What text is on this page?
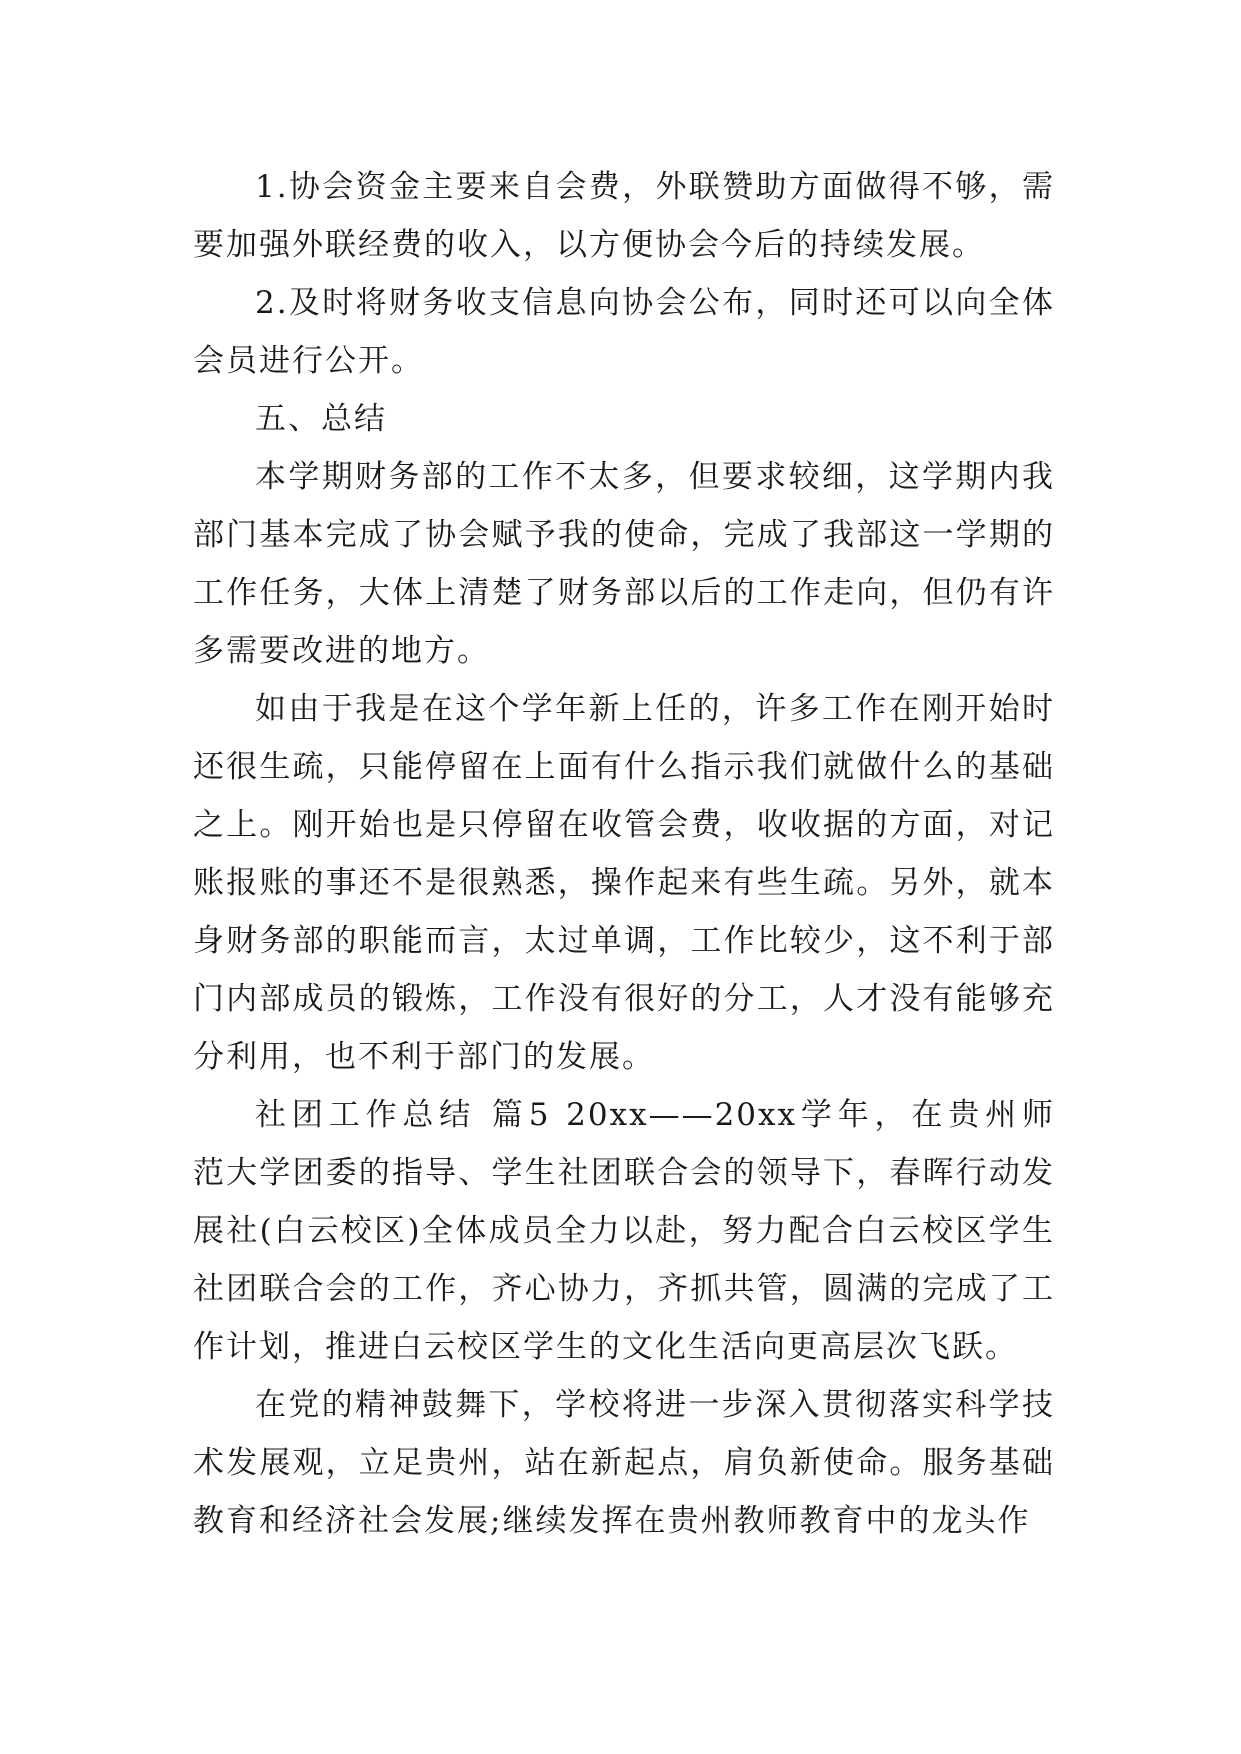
1.协会资金主要来自会费，外联赞助方面做得不够，需
要加强外联经费的收入，以方便协会今后的持续发展。
2.及时将财务收支信息向协会公布，同时还可以向全体
会员进行公开。
五、总结
本学期财务部的工作不太多，但要求较细，这学期内我
部门基本完成了协会赋予我的使命，完成了我部这一学期的
工作任务，大体上清楚了财务部以后的工作走向，但仍有许
多需要改进的地方。
如由于我是在这个学年新上任的，许多工作在刚开始时
还很生疏，只能停留在上面有什么指示我们就做什么的基础
之上。刚开始也是只停留在收管会费，收收据的方面，对记
账报账的事还不是很熟悉，操作起来有些生疏。另外，就本
身财务部的职能而言，太过单调，工作比较少，这不利于部
门内部成员的锻炼，工作没有很好的分工，人才没有能够充
分利用，也不利于部门的发展。
社团工作总结 篇5 20xx——20xx学年，在贵州师
范大学团委的指导、学生社团联合会的领导下，春晖行动发
展社(白云校区)全体成员全力以赴，努力配合白云校区学生
社团联合会的工作，齐心协力，齐抓共管，圆满的完成了工
作计划，推进白云校区学生的文化生活向更高层次飞跃。
在党的精神鼓舞下，学校将进一步深入贯彻落实科学技
术发展观，立足贵州，站在新起点，肩负新使命。服务基础
教育和经济社会发展;继续发挥在贵州教师教育中的龙头作
